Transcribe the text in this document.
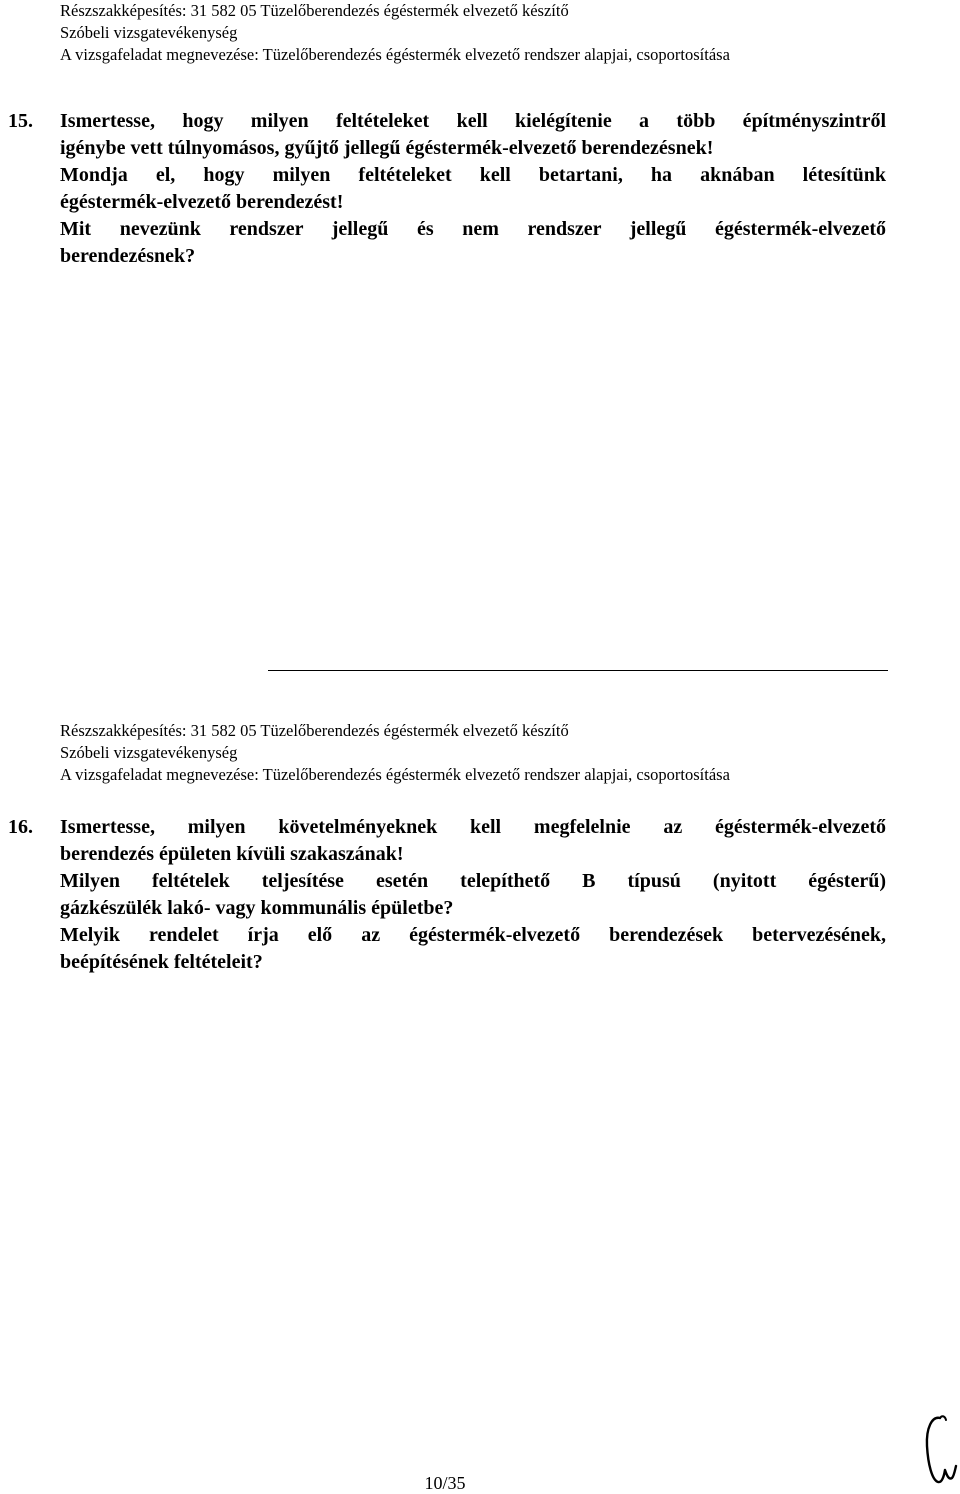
Részszakképesítés: 31 582 05 Tüzelőberendezés égéstermék elvezető készítő
Szóbeli vizsgatevékenység
A vizsgafeladat megnevezése: Tüzelőberendezés égéstermék elvezető rendszer alapjai, csoportosítása
15. Ismertesse, hogy milyen feltételeket kell kielégítenie a több építményszintről
igénybe vett túlnyomásos, gyűjtő jellegű égéstermék-elvezető berendezésnek!
Mondja el, hogy milyen feltételeket kell betartani, ha aknában létesítünk
égéstermék-elvezető berendezést!
Mit nevezünk rendszer jellegű és nem rendszer jellegű égéstermék-elvezető
berendezésnek?
Részszakképesítés: 31 582 05 Tüzelőberendezés égéstermék elvezető készítő
Szóbeli vizsgatevékenység
A vizsgafeladat megnevezése: Tüzelőberendezés égéstermék elvezető rendszer alapjai, csoportosítása
16. Ismertesse, milyen követelményeknek kell megfelelnie az égéstermék-elvezető
berendezés épületen kívüli szakaszának!
Milyen feltételek teljesítése esetén telepíthető B típusú (nyitott égésterű)
gázkészülék lakó- vagy kommunális épületbe?
Melyik rendelet írja elő az égéstermék-elvezető berendezések betervezésének,
beépítésének feltételeit?
10/35
